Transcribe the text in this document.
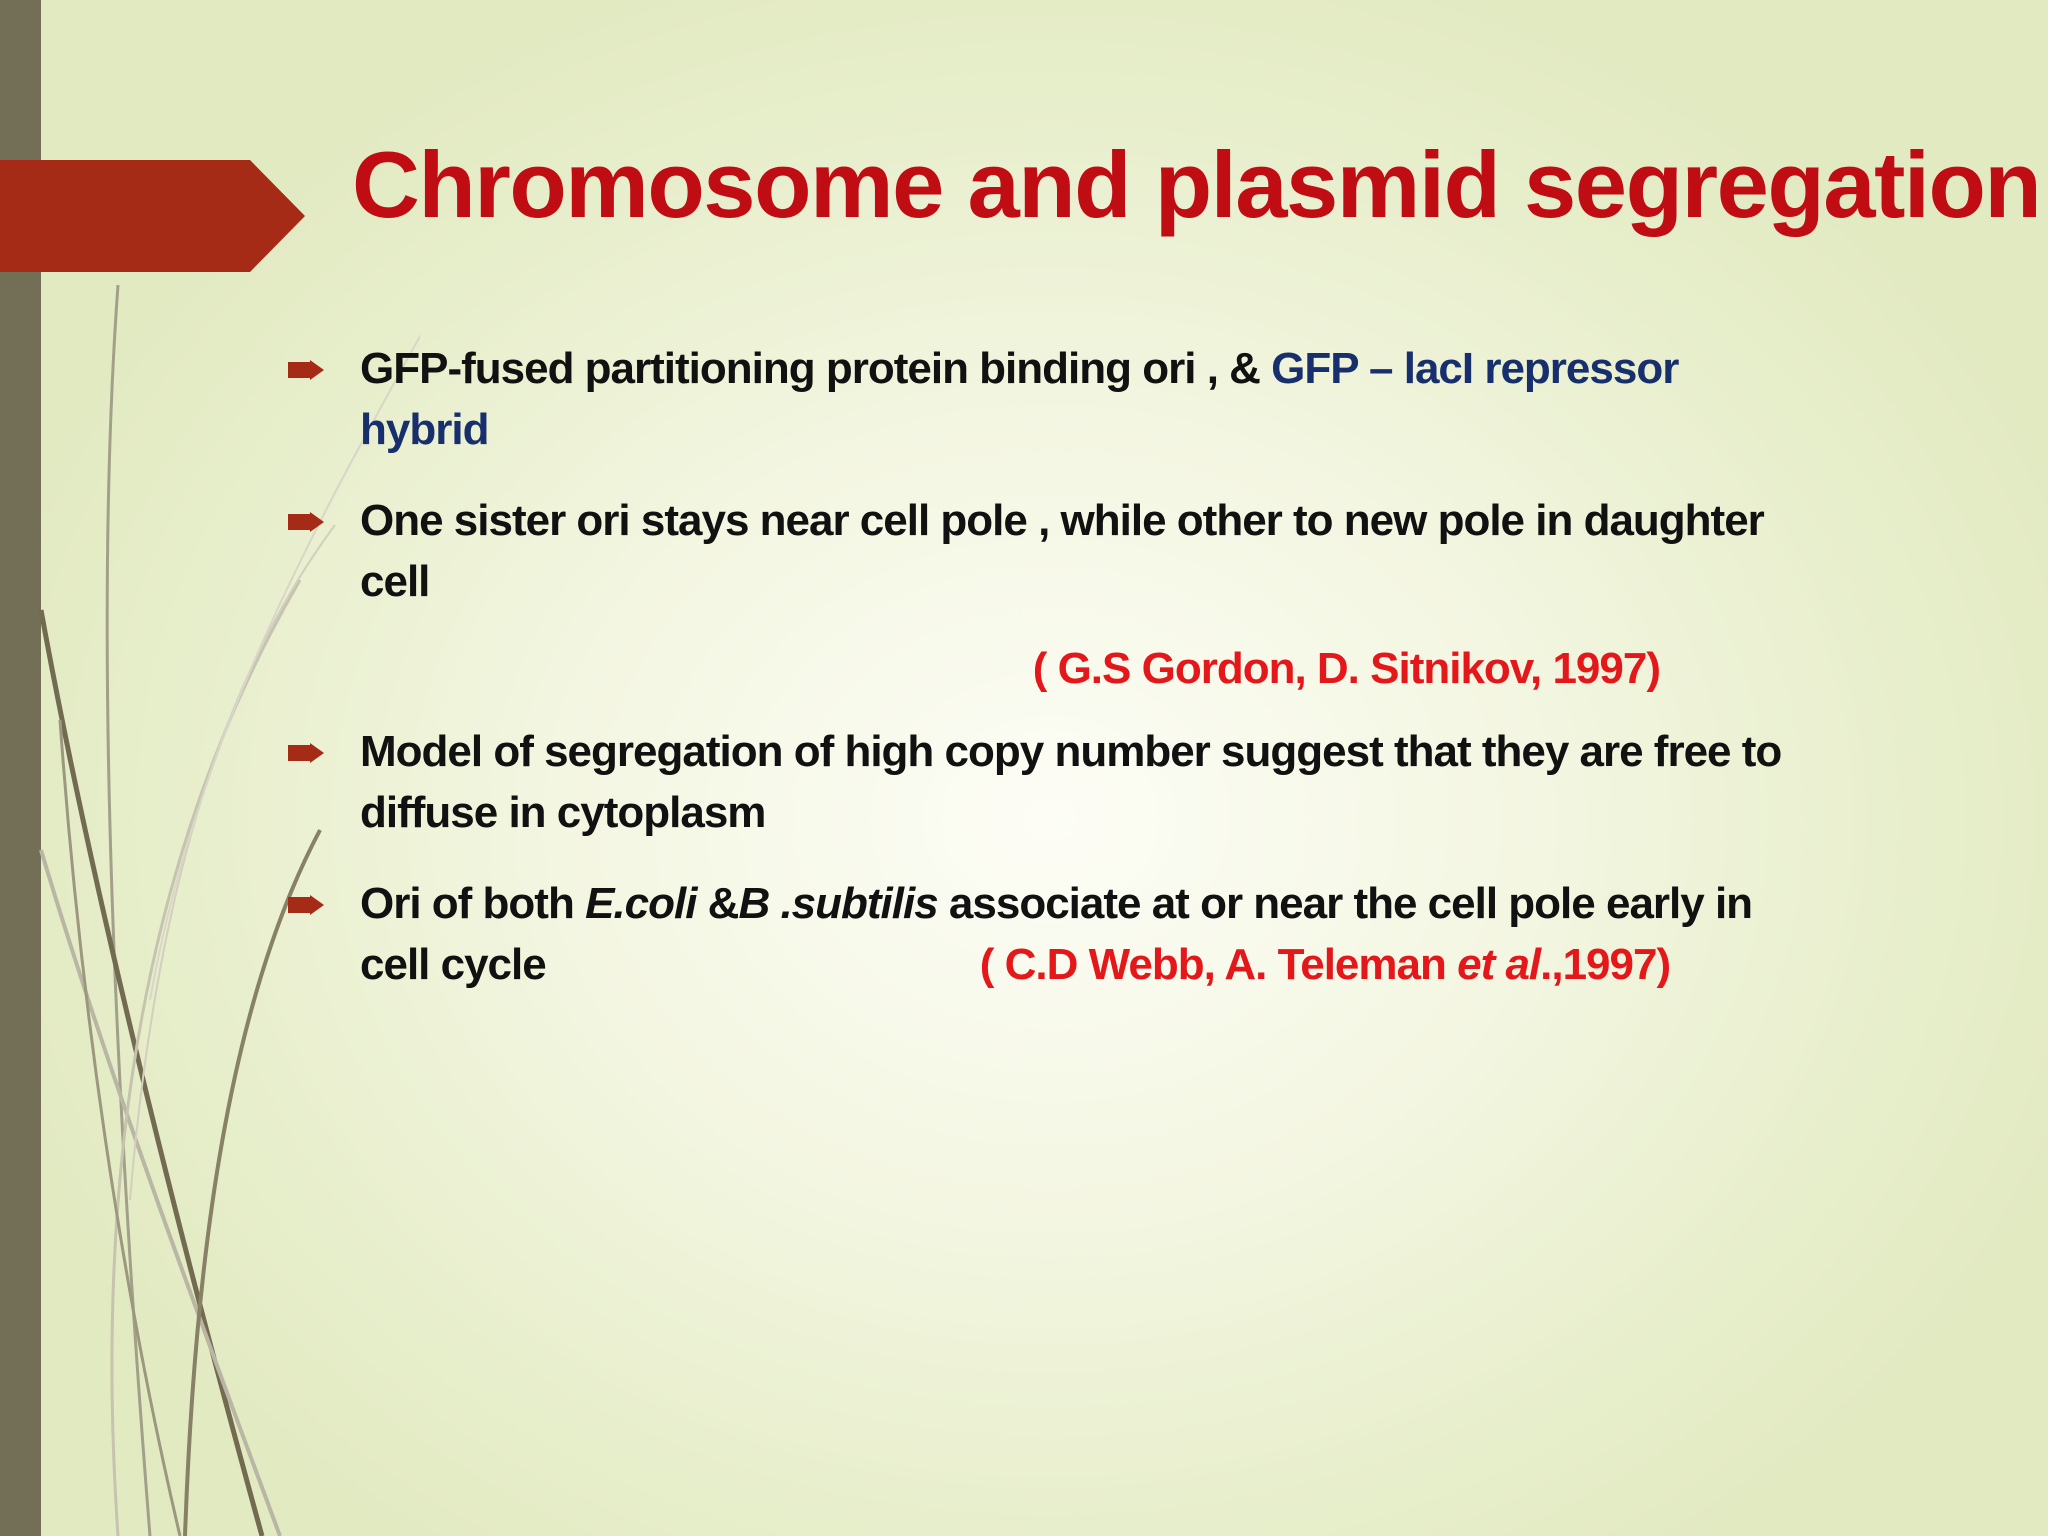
Chromosome and plasmid segregation
GFP-fused partitioning protein binding ori , & GFP – lacI repressor hybrid
One sister ori stays near cell pole , while other to new pole in daughter cell
( G.S Gordon, D. Sitnikov, 1997)
Model of segregation of high copy number suggest that they are free to diffuse in cytoplasm
Ori of both E.coli &B .subtilis associate at or near the cell pole early in cell cycle	( C.D Webb, A. Teleman et al.,1997)
